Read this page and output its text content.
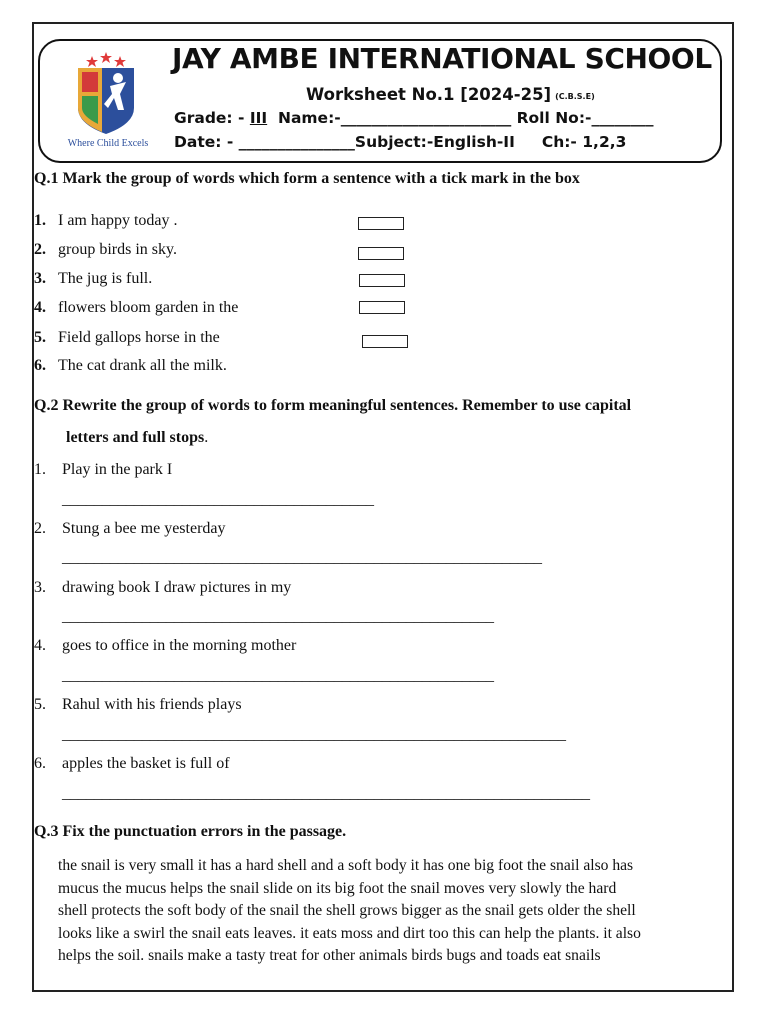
Where Child Excels
JAY AMBE INTERNATIONAL SCHOOL
Worksheet No.1 [2024-25] (C.B.S.E)
Grade: - III Name:-______________________ Roll No:-________
Date: - _______________Subject:-English-II Ch:- 1,2,3
Q.1 Mark the group of words which form a sentence with a tick mark in the box
1. I am happy today .
2. group birds in sky.
3. The jug is full.
4. flowers bloom garden in the
5. Field gallops horse in the
6. The cat drank all the milk.
Q.2 Rewrite the group of words to form meaningful sentences. Remember to use capital
letters and full stops.
1. Play in the park I
_______________________________________
2. Stung a bee me yesterday
____________________________________________________________
3. drawing book I draw pictures in my
______________________________________________________
4. goes to office in the morning mother
______________________________________________________
5. Rahul with his friends plays
_______________________________________________________________
6. apples the basket is full of
__________________________________________________________________
Q.3 Fix the punctuation errors in the passage.

the snail is very small it has a hard shell and a soft body it has one big foot the snail also has

mucus the mucus helps the snail slide on its big foot the snail moves very slowly the hard

shell protects the soft body of the snail the shell grows bigger as the snail gets older the shell

looks like a swirl the snail eats leaves. it eats moss and dirt too this can help the plants. it also

helps the soil. snails make a tasty treat for other animals birds bugs and toads eat snails
